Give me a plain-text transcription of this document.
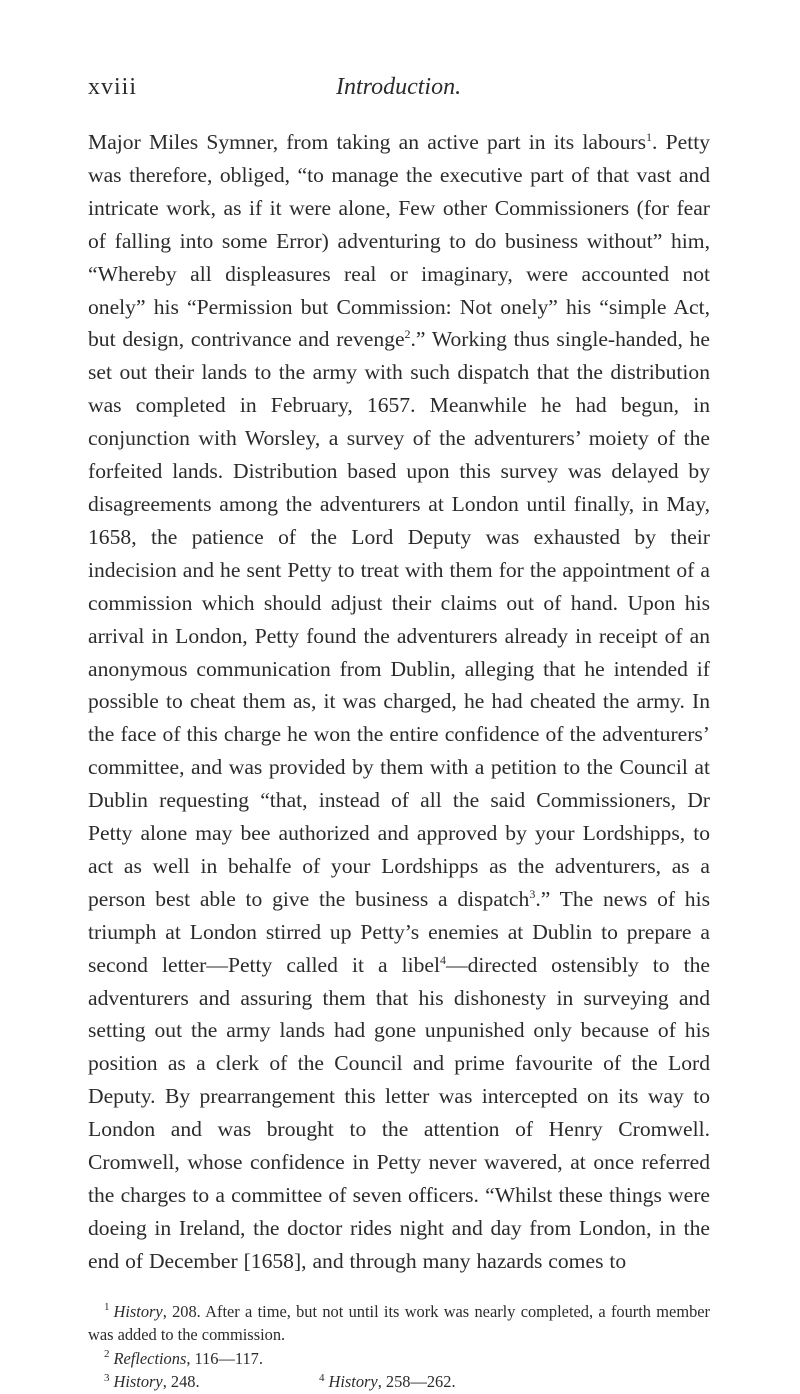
xviii	Introduction.

Major Miles Symner, from taking an active part in its labours$^1$. Petty was therefore, obliged, “to manage the executive part of that vast and intricate work, as if it were alone, Few other Commissioners (for fear of falling into some Error) adventuring to do business without” him, “Whereby all displeasures real or imaginary, were accounted not onely” his “Permission but Commission: Not onely” his “simple Act, but design, contrivance and revenge$^2$.” Working thus single-handed, he set out their lands to the army with such dispatch that the distribution was completed in February, 1657. Meanwhile he had begun, in conjunction with Worsley, a survey of the adventurers’ moiety of the forfeited lands. Distribution based upon this survey was delayed by disagreements among the adventurers at London until finally, in May, 1658, the patience of the Lord Deputy was exhausted by their indecision and he sent Petty to treat with them for the appointment of a commission which should adjust their claims out of hand. Upon his arrival in London, Petty found the adventurers already in receipt of an anonymous communication from Dublin, alleging that he intended if possible to cheat them as, it was charged, he had cheated the army. In the face of this charge he won the entire confidence of the adventurers’ committee, and was provided by them with a petition to the Council at Dublin requesting “that, instead of all the said Commissioners, Dr Petty alone may bee authorized and approved by your Lordshipps, to act as well in behalfe of your Lordshipps as the adventurers, as a person best able to give the business a dispatch$^3$.” The news of his triumph at London stirred up Petty’s enemies at Dublin to prepare a second letter—Petty called it a libel$^4$—directed ostensibly to the adventurers and assuring them that his dishonesty in surveying and setting out the army lands had gone unpunished only because of his position as a clerk of the Council and prime favourite of the Lord Deputy. By prearrangement this letter was intercepted on its way to London and was brought to the attention of Henry Cromwell. Cromwell, whose confidence in Petty never wavered, at once referred the charges to a committee of seven officers. “Whilst these things were doeing in Ireland, the doctor rides night and day from London, in the end of December [1658], and through many hazards comes to

$^1$ History, 208. After a time, but not until its work was nearly completed, a fourth member was added to the commission.

$^2$ Reflections, 116—117.

$^3$ History, 248.	$^4$ History, 258—262.
